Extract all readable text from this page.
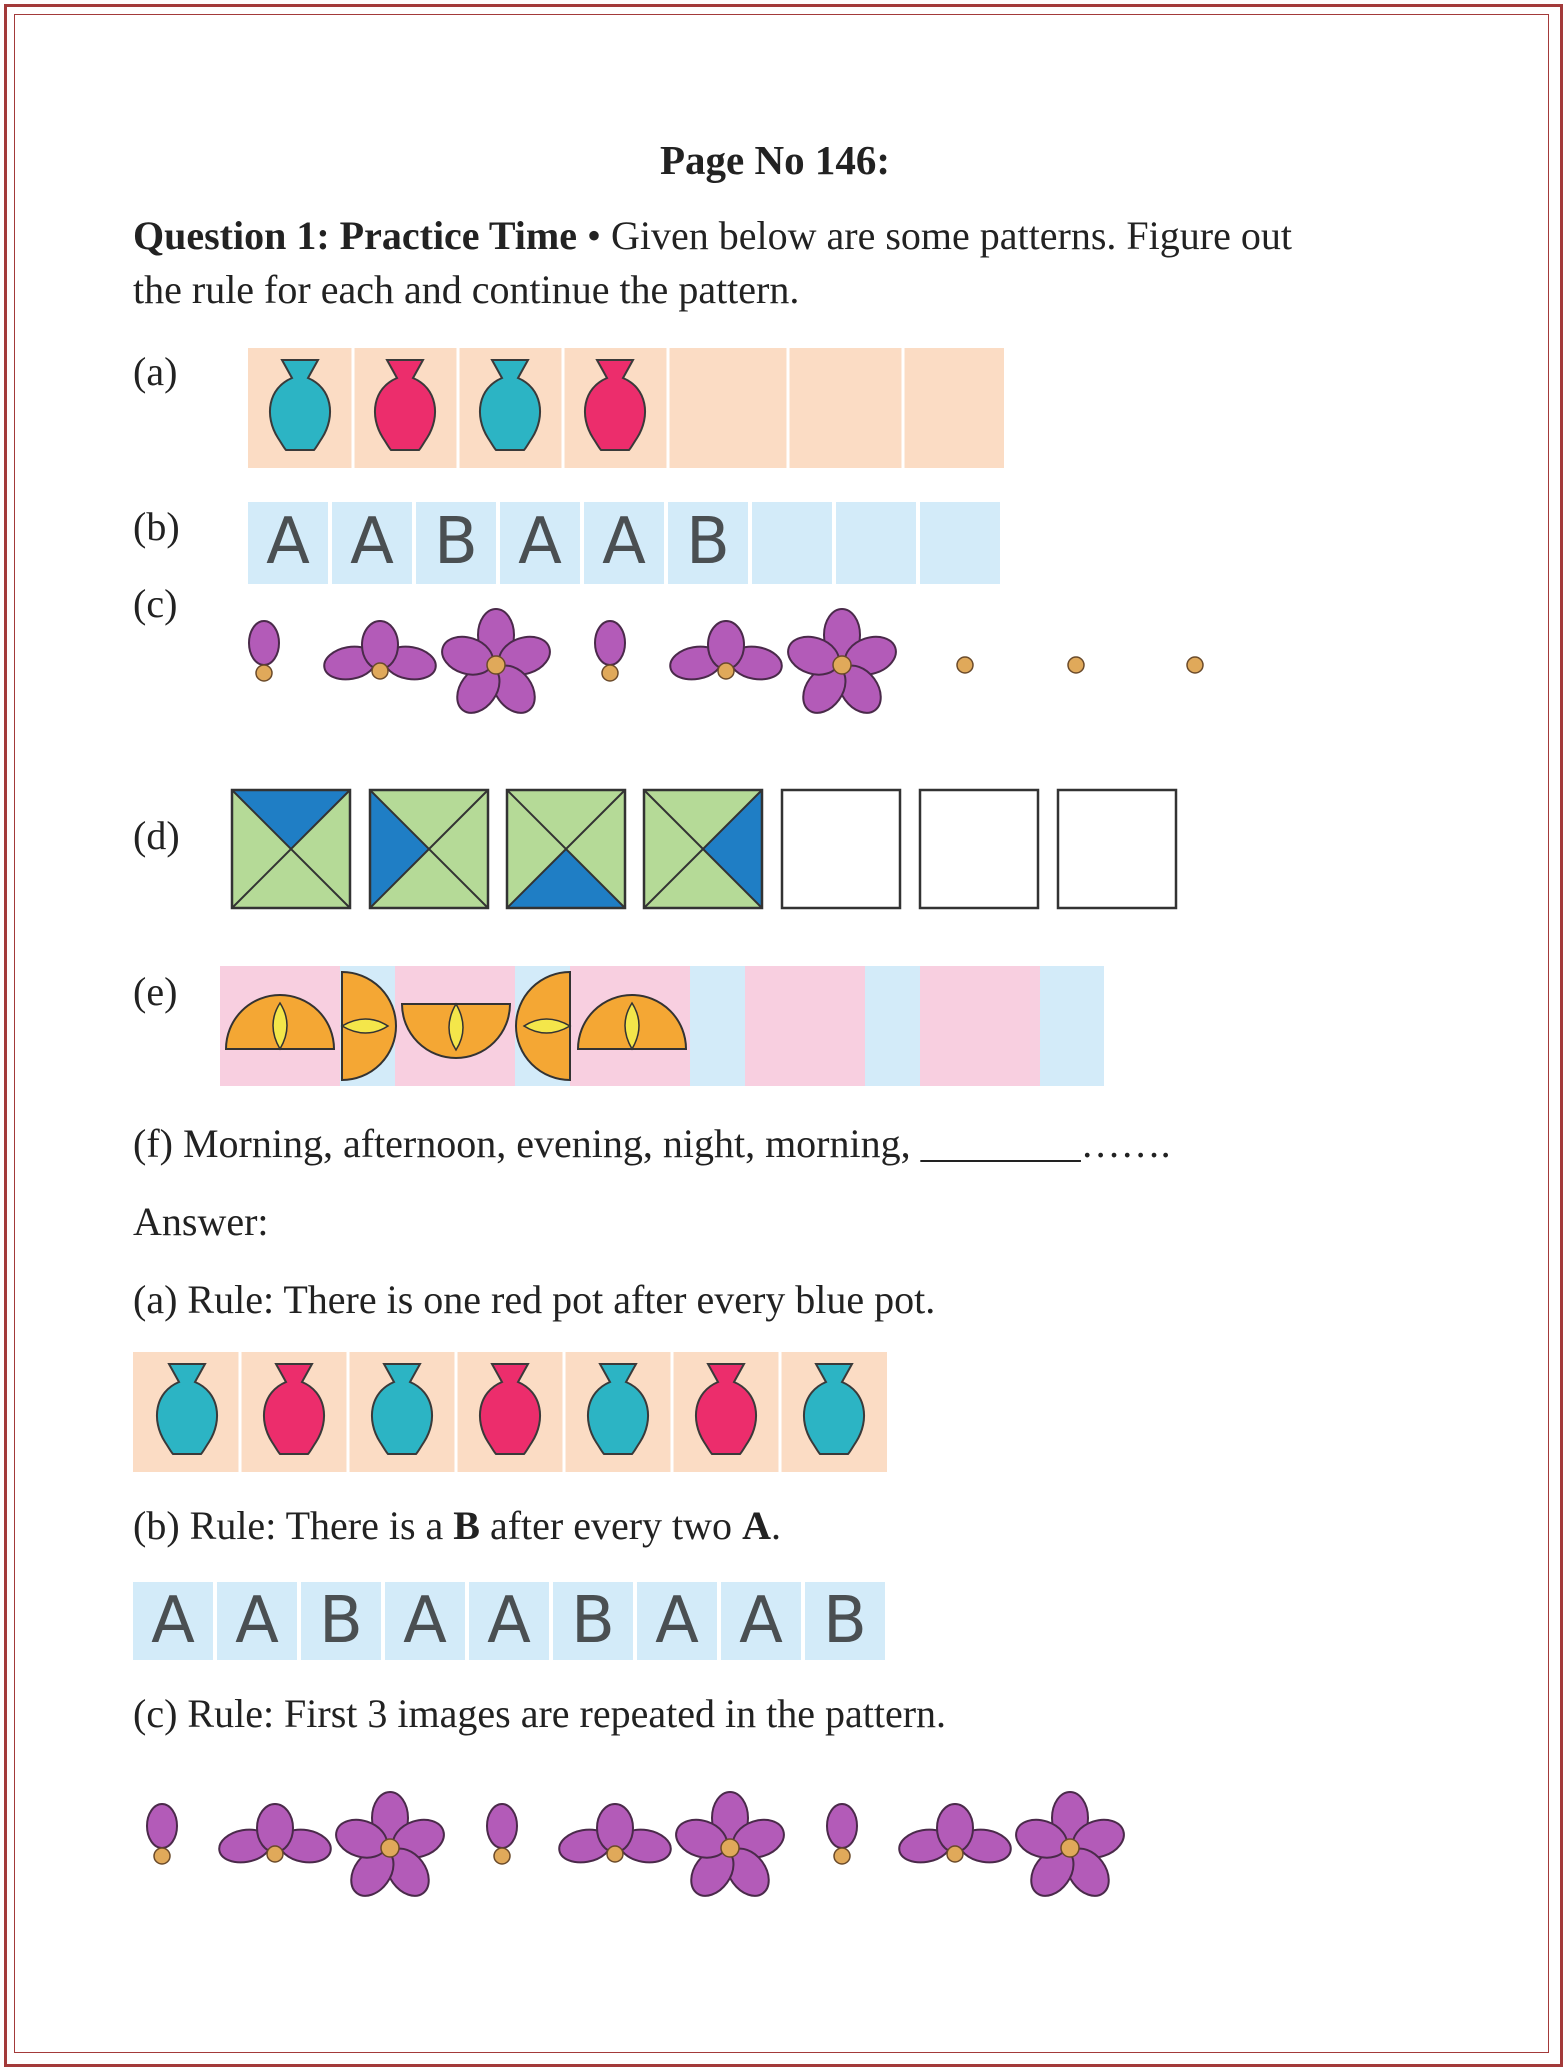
Page No 146:
Question 1: Practice Time • Given below are some patterns. Figure out
the rule for each and continue the pattern.
(a)
(b) A A B A A B
(c)
(d)
(e)
(f) Morning, afternoon, evening, night, morning, ________…….
Answer:
(a) Rule: There is one red pot after every blue pot.
(b) Rule: There is a B after every two A.
A A B A A B A A B
(c) Rule: First 3 images are repeated in the pattern.
